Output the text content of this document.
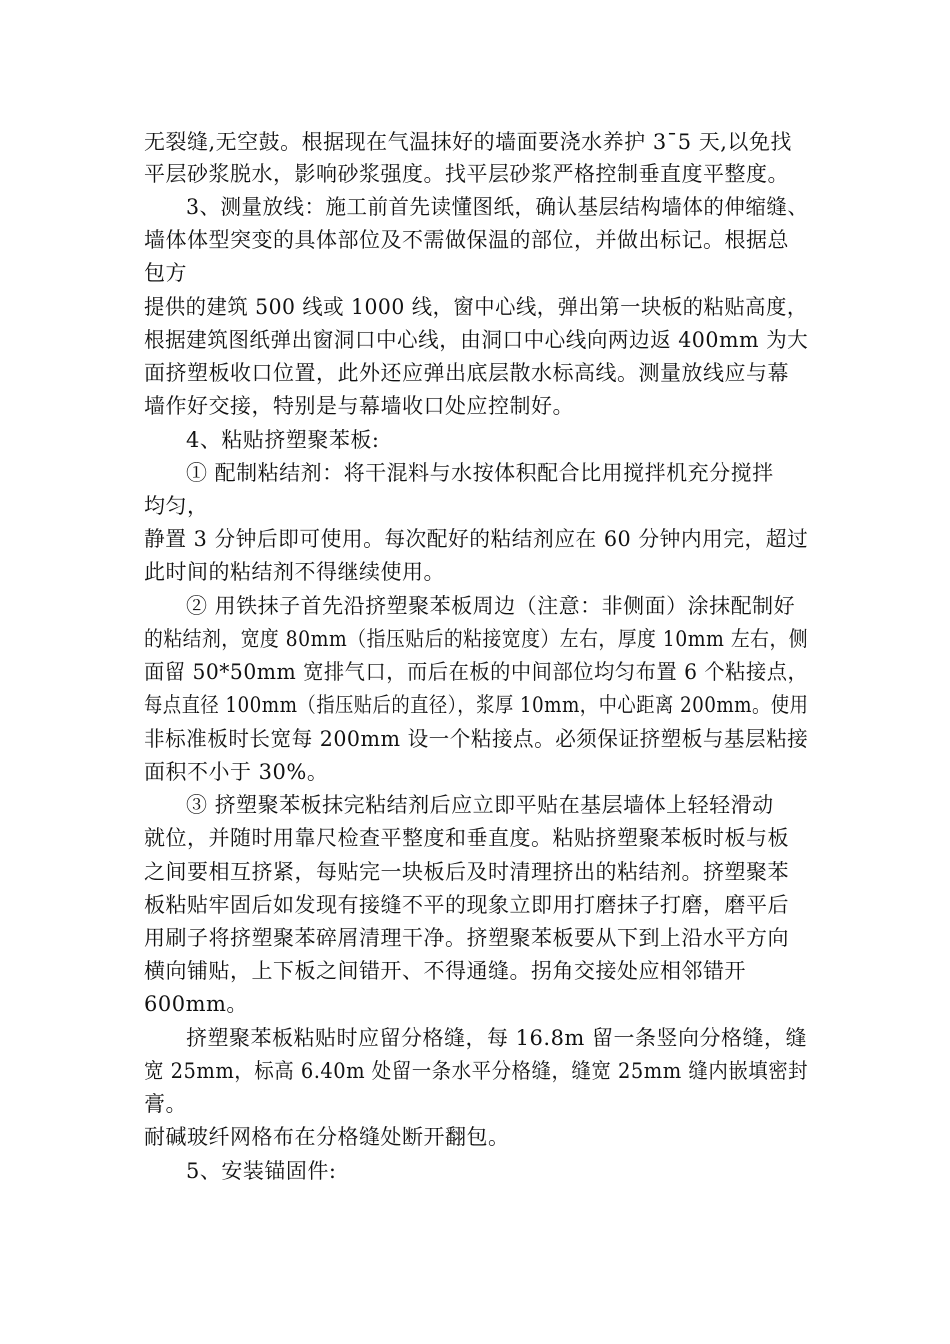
无裂缝,无空鼓。根据现在气温抹好的墙面要浇水养护 3¯5 天,以免找
平层砂浆脱水，影响砂浆强度。找平层砂浆严格控制垂直度平整度。
3、测量放线：施工前首先读懂图纸，确认基层结构墙体的伸缩缝、
墙体体型突变的具体部位及不需做保温的部位，并做出标记。根据总
包方
提供的建筑 500 线或 1000 线，窗中心线，弹出第一块板的粘贴高度，
根据建筑图纸弹出窗洞口中心线，由洞口中心线向两边返 400mm 为大
面挤塑板收口位置，此外还应弹出底层散水标高线。测量放线应与幕
墙作好交接，特别是与幕墙收口处应控制好。
4、粘贴挤塑聚苯板:
① 配制粘结剂：将干混料与水按体积配合比用搅拌机充分搅拌
均匀，
静置 3 分钟后即可使用。每次配好的粘结剂应在 60 分钟内用完，超过
此时间的粘结剂不得继续使用。
② 用铁抹子首先沿挤塑聚苯板周边（注意：非侧面）涂抹配制好
的粘结剂，宽度 80mm（指压贴后的粘接宽度）左右，厚度 10mm 左右，侧
面留 50*50mm 宽排气口，而后在板的中间部位均匀布置 6 个粘接点，
每点直径 100mm（指压贴后的直径），浆厚 10mm，中心距离 200mm。使用
非标准板时长宽每 200mm 设一个粘接点。必须保证挤塑板与基层粘接
面积不小于 30%。
③ 挤塑聚苯板抹完粘结剂后应立即平贴在基层墙体上轻轻滑动
就位，并随时用靠尺检查平整度和垂直度。粘贴挤塑聚苯板时板与板
之间要相互挤紧，每贴完一块板后及时清理挤出的粘结剂。挤塑聚苯
板粘贴牢固后如发现有接缝不平的现象立即用打磨抹子打磨，磨平后
用刷子将挤塑聚苯碎屑清理干净。挤塑聚苯板要从下到上沿水平方向
横向铺贴，上下板之间错开、不得通缝。拐角交接处应相邻错开
600mm。
挤塑聚苯板粘贴时应留分格缝，每 16.8m 留一条竖向分格缝，缝
宽 25mm，标高 6.40m 处留一条水平分格缝，缝宽 25mm 缝内嵌填密封
膏。
耐碱玻纤网格布在分格缝处断开翻包。
5、安装锚固件:
